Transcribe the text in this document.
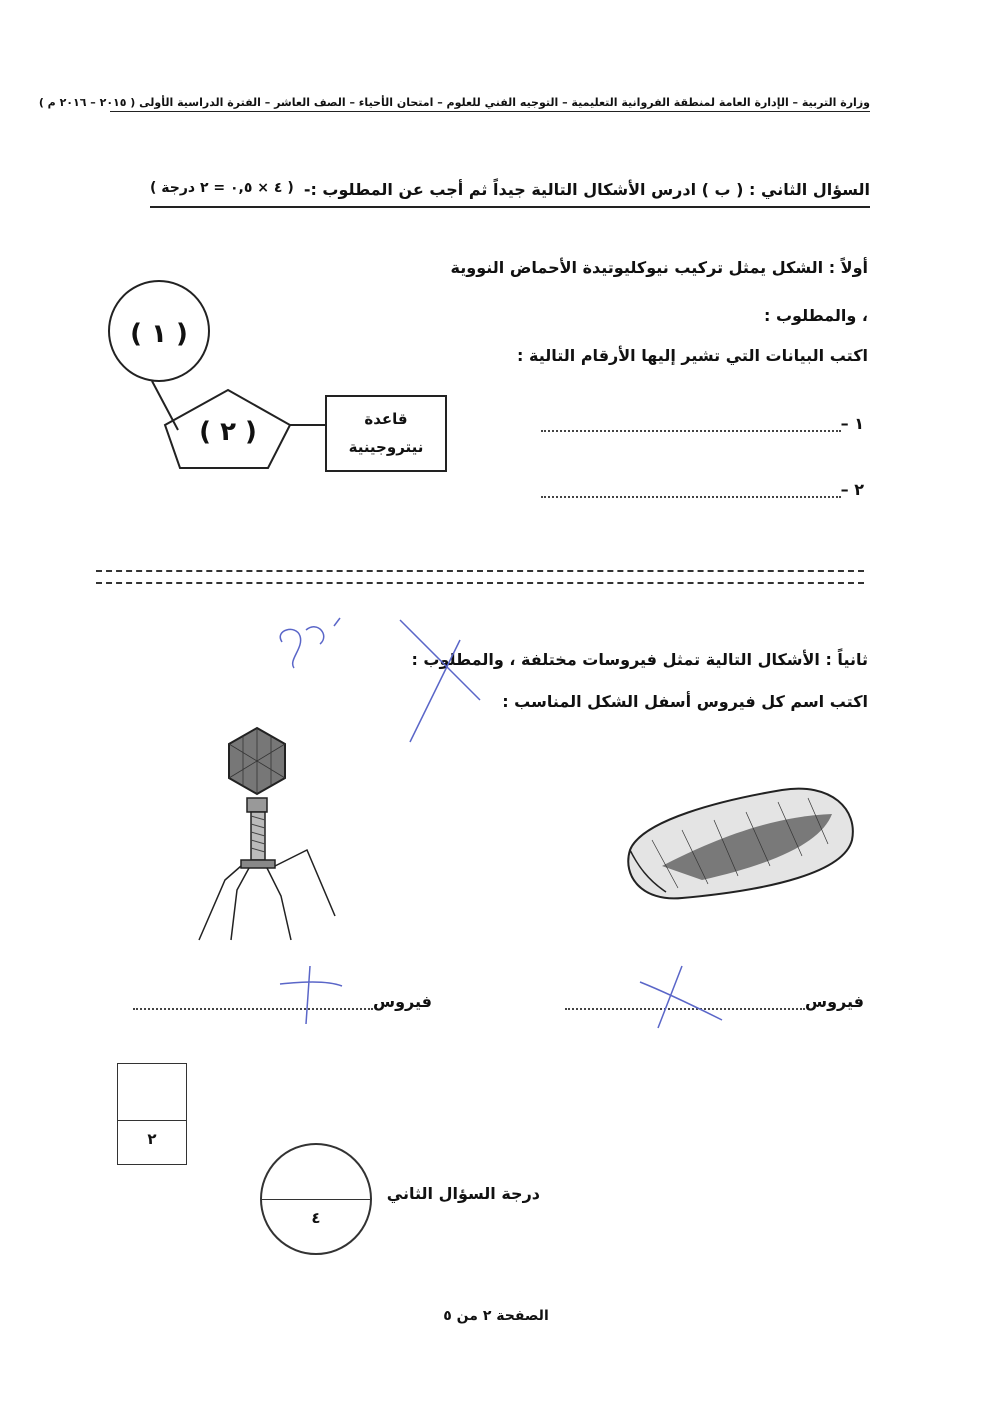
وزارة التربية – الإدارة العامة لمنطقة الفروانية التعليمية – التوجيه الفني للعلوم – امتحان الأحياء – الصف العاشر – الفترة الدراسية الأولى ( ٢٠١٥ – ٢٠١٦ م )
السؤال الثاني : ( ب ) ادرس الأشكال التالية جيداً ثم أجب عن المطلوب :-
( ٤ × ٠,٥ = ٢ درجة )
أولاً : الشكل يمثل تركيب نيوكليوتيدة الأحماض النووية
، والمطلوب :
اكتب البيانات التي تشير إليها الأرقام التالية :
١ –
٢ –
( ١ )
( ٢ )	قاعدة
نيتروجينية
ثانياً : الأشكال التالية تمثل فيروسات مختلفة ، والمطلوب :
اكتب اسم كل فيروس أسفل الشكل المناسب :
فيروس
فيروس
٢
٤
درجة السؤال الثاني
الصفحة ٢ من ٥
